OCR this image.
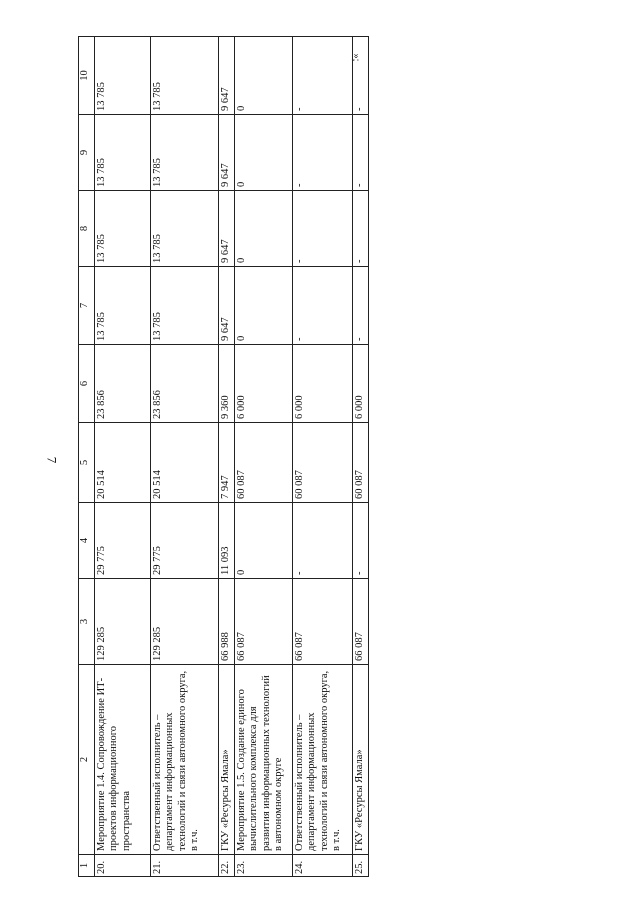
7
»;
1	2	3	4	5	6	7	8	9	10
20.	Мероприятие 1.4. Сопровождение ИТ-проектов информационного пространства	129 285	29 775	20 514	23 856	13 785	13 785	13 785	13 785
21.	Ответственный исполнитель – департамент информационных технологий и связи автономного округа, в т.ч.	129 285	29 775	20 514	23 856	13 785	13 785	13 785	13 785
22.	ГКУ «Ресурсы Ямала»	66 988	11 093	7 947	9 360	9 647	9 647	9 647	9 647
23.	Мероприятие 1.5. Создание единого вычислительного комплекса для развития информационных технологий в автономном округе	66 087	0	60 087	6 000	0	0	0	0
24.	Ответственный исполнитель – департамент информационных технологий и связи автономного округа, в т.ч.	66 087	-	60 087	6 000	-	-	-	-
25.	ГКУ «Ресурсы Ямала»	66 087	-	60 087	6 000	-	-	-	-
